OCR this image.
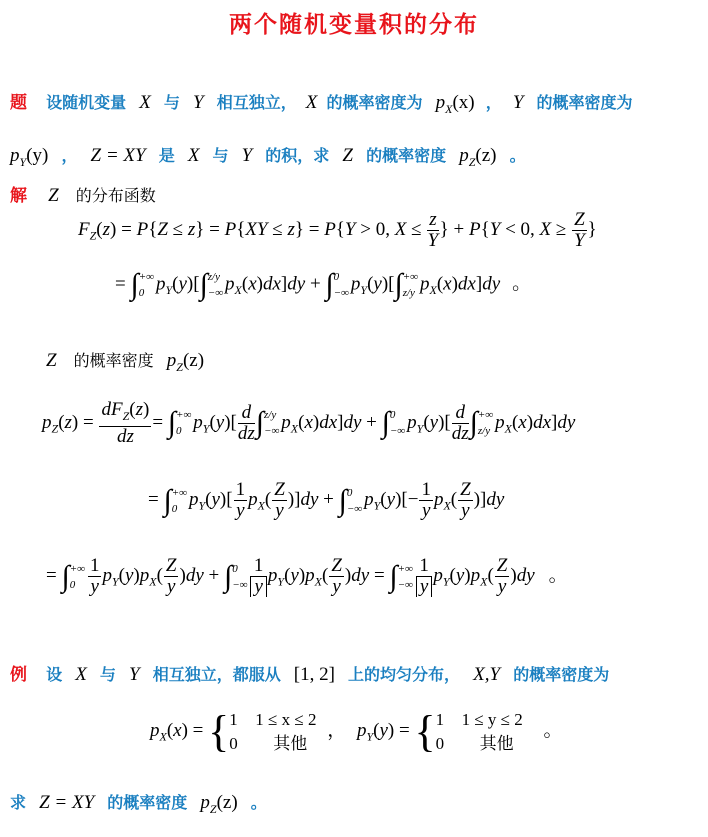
两个随机变量积的分布
题 设随机变量 X 与 Y 相互独立， X 的概率密度为 $p_X(x)$ ， Y 的概率密度为
$p_Y(y)$ ， Z = XY 是 X 与 Y 的积，求 Z 的概率密度 $p_Z(z)$ 。
解 Z 的分布函数
$F_Z(z) = P\{Z \le z\} = P\{XY \le z\} = P\{Y > 0$, $X \le \frac{z}{Y}$ } + P{Y < 0, $X \ge \frac{Z}{Y}$ }
= ∫+∞
0 $p_Y(y)[\int z/y$
−∞ $p_X(x)dx]dy + \int 0$
−∞ $p_Y(y)[\int+\infty$
z/y $p_X(x)dx]dy$ 。
Z 的概率密度 $p_Z(z)$
$p_Z(z) = \frac{dF_Z(z)}{dz}$ = ∫+∞
0 $p_Y(y)[ \frac{d}{dz} \int z/y$
−∞ $p_X(x)dx]dy + \int 0$
−∞ $p_Y(y)[ \frac{d}{dz}$ ∫+∞
z/y $p_X(x)dx]dy$
= ∫+∞
0 $p_Y(y)[ \frac{1}{y} p_X( \frac{Z}{y} )]dy + \int 0$
−∞ $p_Y(y)[- \frac{1}{y} p_X( \frac{Z}{y} )]dy$
= ∫+∞
$0 \frac{1}{y} p_Y(y)p_X( \frac{Z}{y} )dy + \int 0$
−∞ $\frac{1}{y} p_Y(y)p_X( \frac{Z}{y} )dy$ = ∫+∞
−∞ $\frac{1}{y} p_Y(y)p_X( \frac{Z}{y} )dy$ 。
例 设 X 与 Y 相互独立，都服从 [1, 2] 上的均匀分布， X,Y 的概率密度为
$p_X(x)$ = { 1 1 ≤ x ≤ 2
0 其他
， $p_Y(y)$ = { 1 1 ≤ y ≤ 2
0 其他
。
求 Z = XY 的概率密度 $p_Z(z)$ 。
